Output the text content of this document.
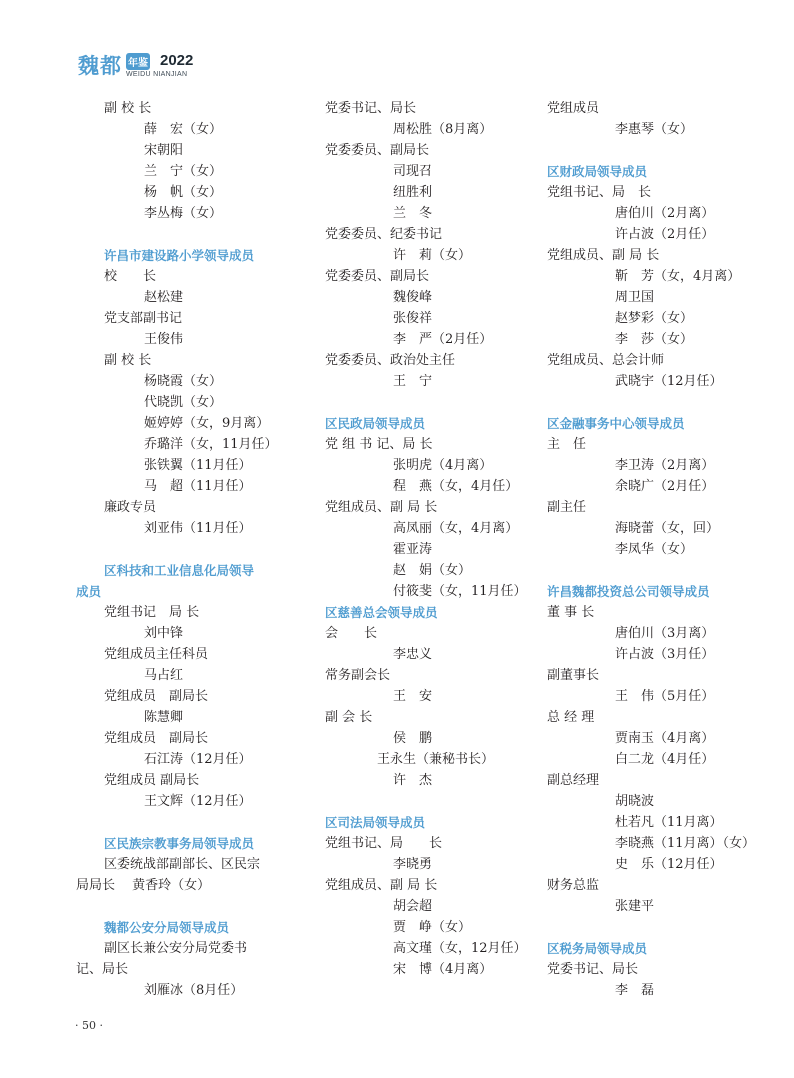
魏都 年鉴 2022
WEIDU NIANJIAN
副 校 长
薛　宏（女）
宋朝阳
兰　宁（女）
杨　帆（女）
李丛梅（女）
许昌市建设路小学领导成员
校　　长
赵松建
党支部副书记
王俊伟
副 校 长
杨晓霞（女）
代晓凯（女）
姬婷婷（女，9月离）
乔璐洋（女，11月任）
张铁翼（11月任）
马　超（11月任）
廉政专员
刘亚伟（11月任）
区科技和工业信息化局领导
成员
党组书记　局 长
刘中锋
党组成员主任科员
马占红
党组成员　副局长
陈慧卿
党组成员　副局长
石江涛（12月任）
党组成员 副局长
王文辉（12月任）
区民族宗教事务局领导成员
区委统战部副部长、区民宗
局局长　 黄香玲（女）
魏都公安分局领导成员
副区长兼公安分局党委书
记、局长
刘雁冰（8月任）
党委书记、局长
周松胜（8月离）
党委委员、副局长
司现召
纽胜利
兰　冬
党委委员、纪委书记
许　莉（女）
党委委员、副局长
魏俊峰
张俊祥
李　严（2月任）
党委委员、政治处主任
王　宁
区民政局领导成员
党 组 书 记、局 长
张明虎（4月离）
程　燕（女，4月任）
党组成员、副 局 长
高凤丽（女，4月离）
霍亚涛
赵　娟（女）
付筱斐（女，11月任）
区慈善总会领导成员
会　　长
李忠义
常务副会长
王　安
副 会 长
侯　鹏
王永生（兼秘书长）
许　杰
区司法局领导成员
党组书记、局　　长
李晓勇
党组成员、副 局 长
胡会超
贾　峥（女）
高文瑾（女，12月任）
宋　博（4月离）
党组成员
李惠琴（女）
区财政局领导成员
党组书记、局　长
唐伯川（2月离）
许占波（2月任）
党组成员、副 局 长
靳　芳（女，4月离）
周卫国
赵梦彩（女）
李　莎（女）
党组成员、总会计师
武晓宇（12月任）
区金融事务中心领导成员
主　任
李卫涛（2月离）
余晓广（2月任）
副主任
海晓蕾（女，回）
李凤华（女）
许昌魏都投资总公司领导成员
董 事 长
唐伯川（3月离）
许占波（3月任）
副董事长
王　伟（5月任）
总 经 理
贾南玉（4月离）
白二龙（4月任）
副总经理
胡晓波
杜若凡（11月离）
李晓燕（11月离）（女）
史　乐（12月任）
财务总监
张建平
区税务局领导成员
党委书记、局长
李　磊
· 50 ·
